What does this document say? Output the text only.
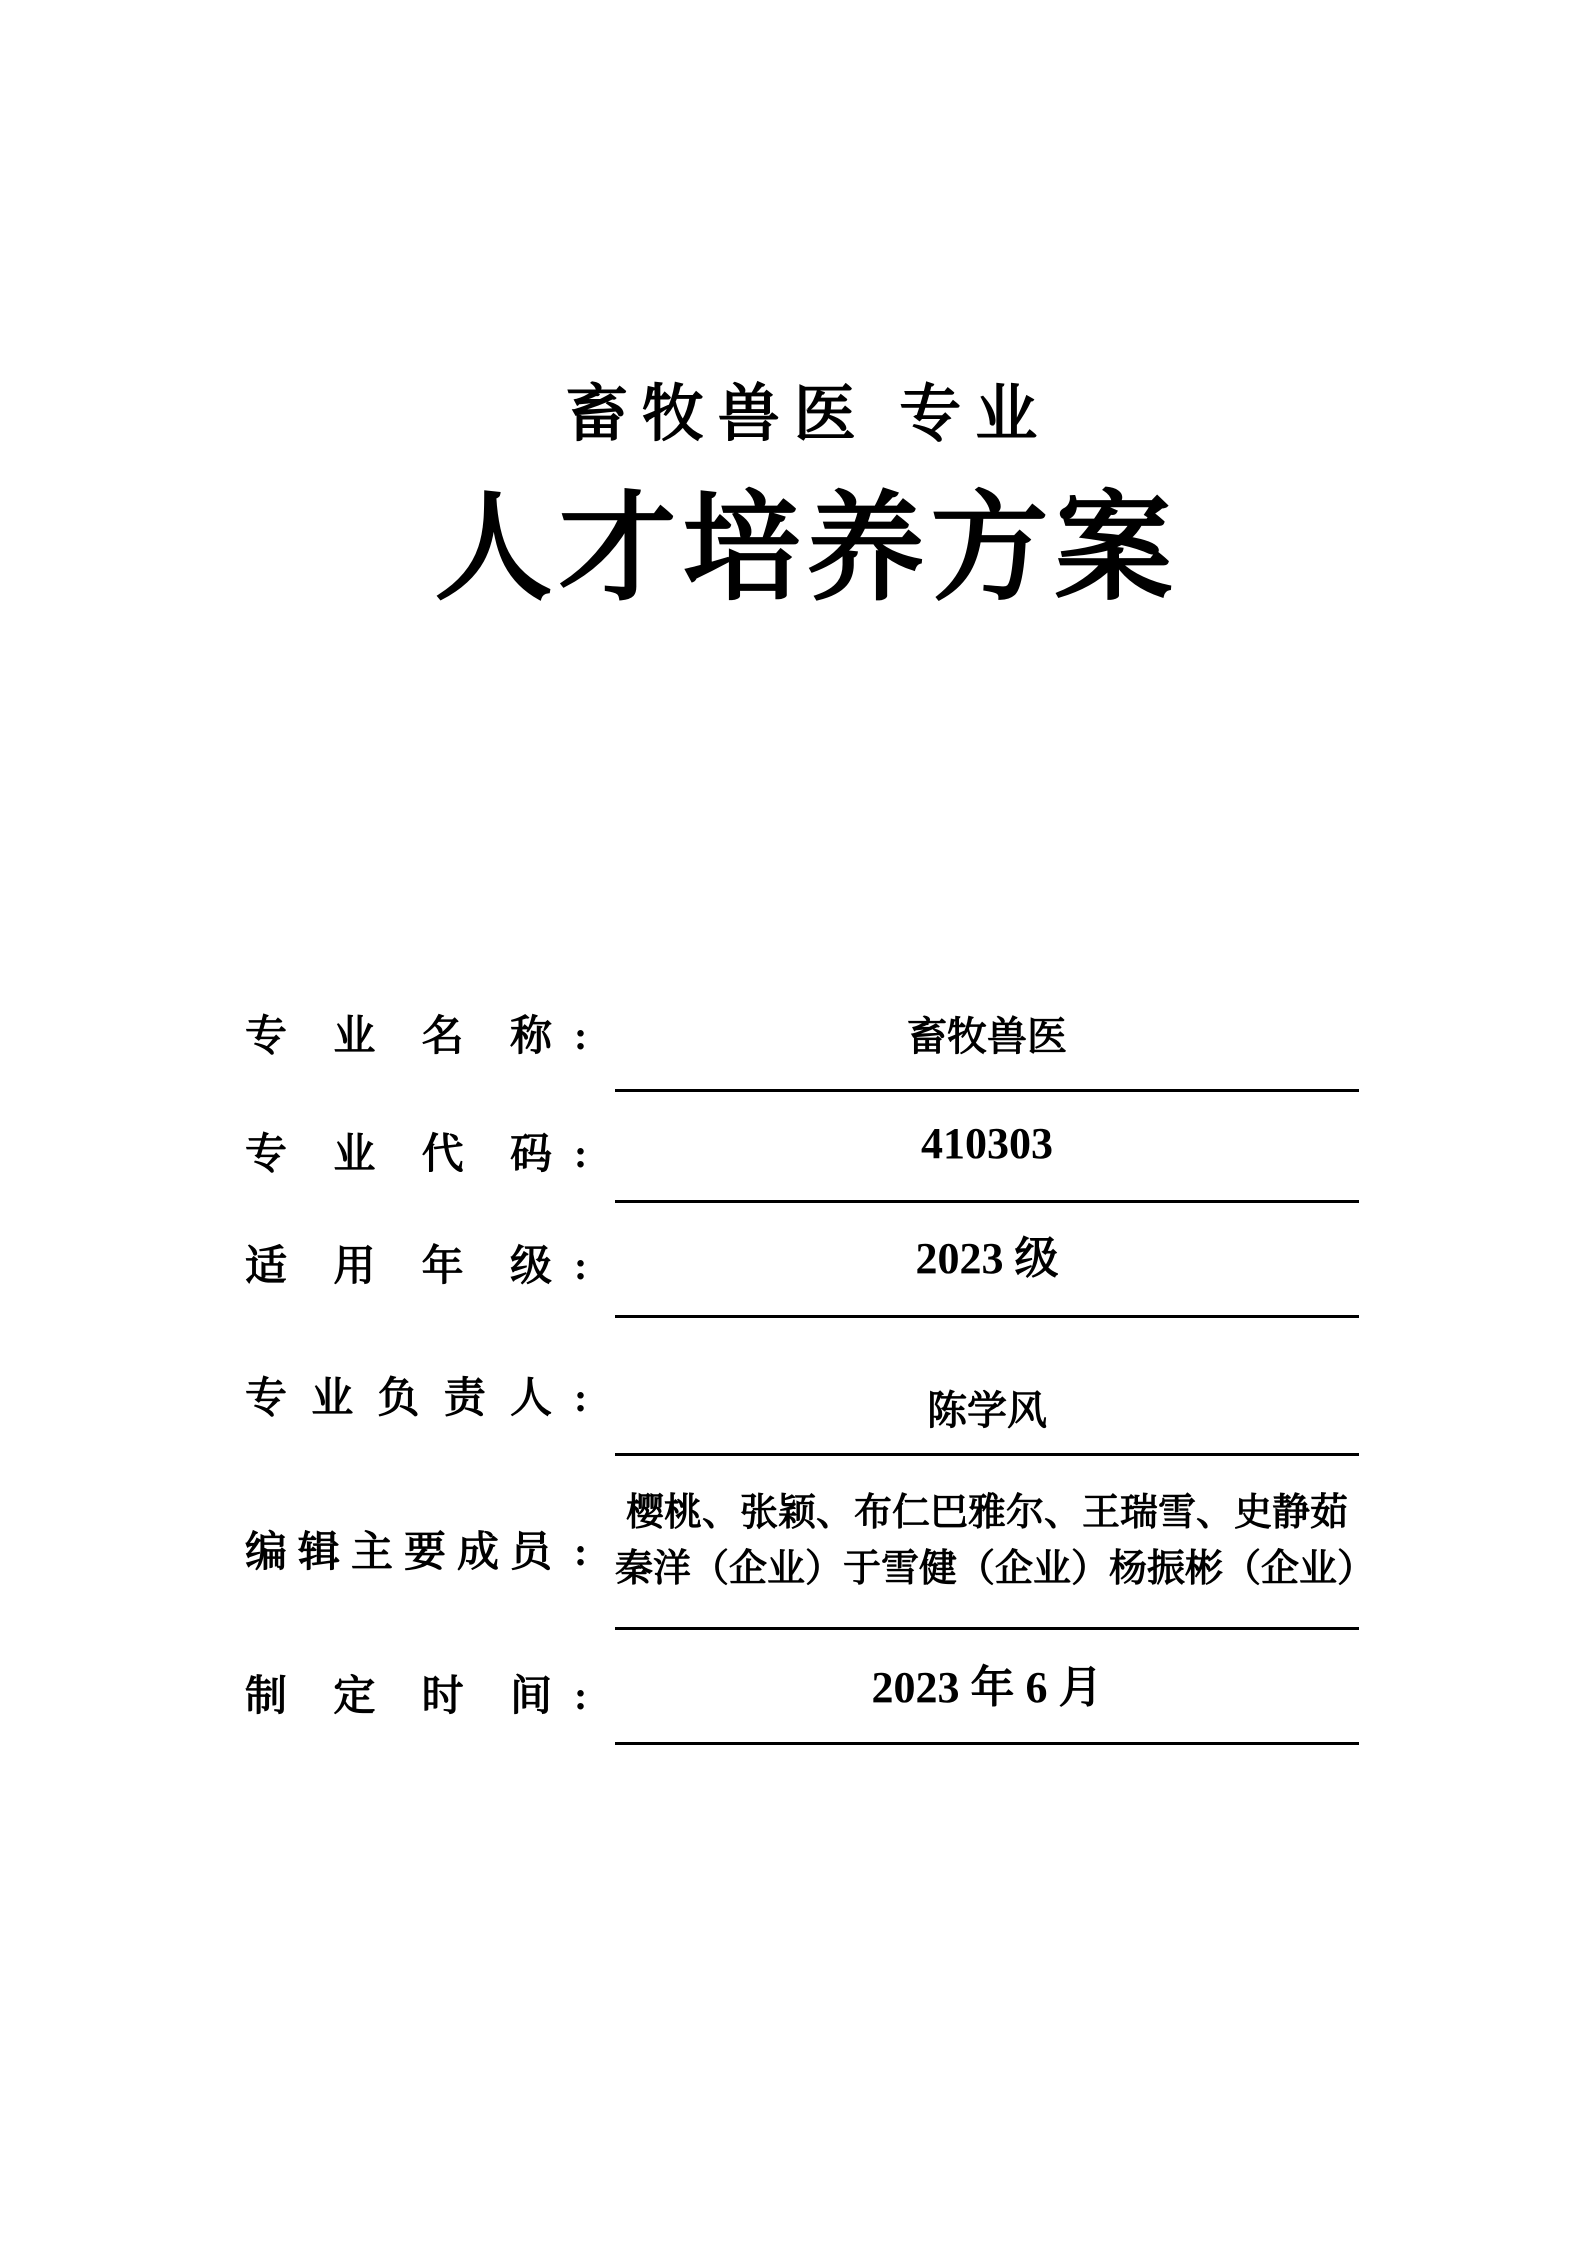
畜牧兽医 专业
人才培养方案
专业名称 :	畜牧兽医
专业代码 :	410303
适用年级 :	2023 级
专业负责人 :	陈学风
编辑主要成员 :
樱桃、张颖、布仁巴雅尔、王瑞雪、史静茹
秦洋（企业）于雪健（企业）杨振彬（企业）
制定时间 :	2023 年 6 月
